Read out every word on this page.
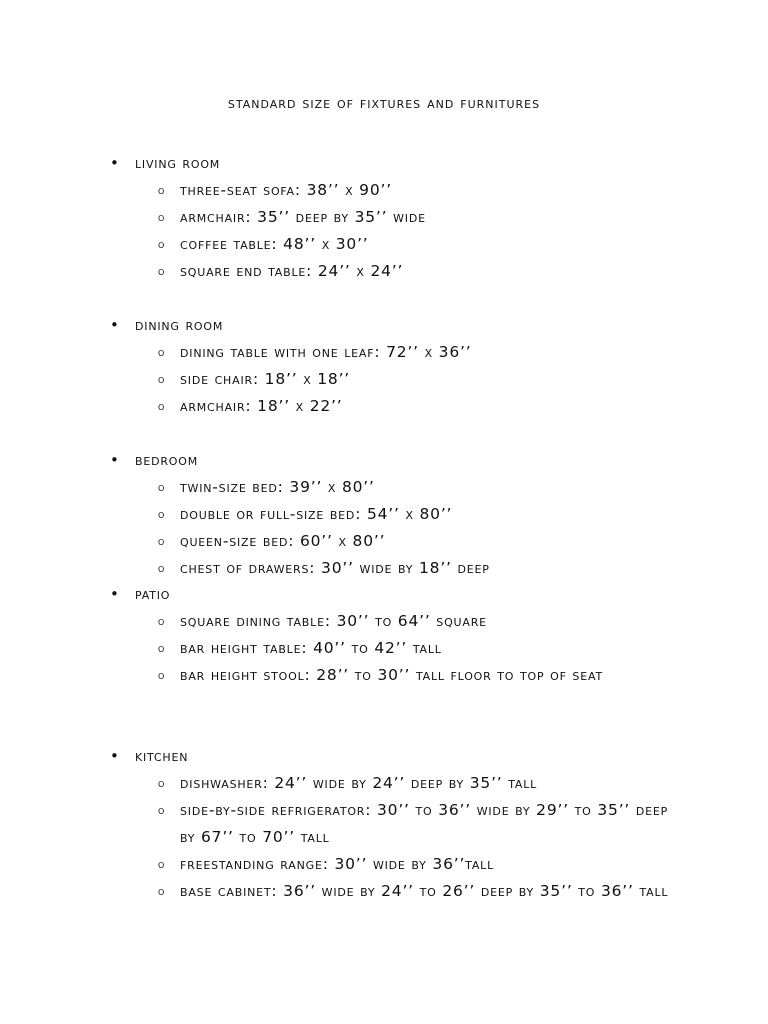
standard size of fixtures and furnitures
• living room
o three-seat sofa: 38’’ x 90’’
o armchair: 35’’ deep by 35’’ wide
o coffee table: 48’’ x 30’’
o square end table: 24’’ x 24’’
• dining room
o dining table with one leaf: 72’’ x 36’’
o side chair: 18’’ x 18’’
o armchair: 18’’ x 22’’
• bedroom
o twin-size bed: 39’’ x 80’’
o double or full-size bed: 54’’ x 80’’
o queen-size bed: 60’’ x 80’’
o chest of drawers: 30’’ wide by 18’’ deep
• patio
o square dining table: 30’’ to 64’’ square
o bar height table: 40’’ to 42’’ tall
o bar height stool: 28’’ to 30’’ tall floor to top of seat
• kitchen
o dishwasher: 24’’ wide by 24’’ deep by 35’’ tall
o side-by-side refrigerator: 30’’ to 36’’ wide by 29’’ to 35’’ deep by 67’’ to 70’’ tall
o freestanding range: 30’’ wide by 36’’tall
o base cabinet: 36’’ wide by 24’’ to 26’’ deep by 35’’ to 36’’ tall
